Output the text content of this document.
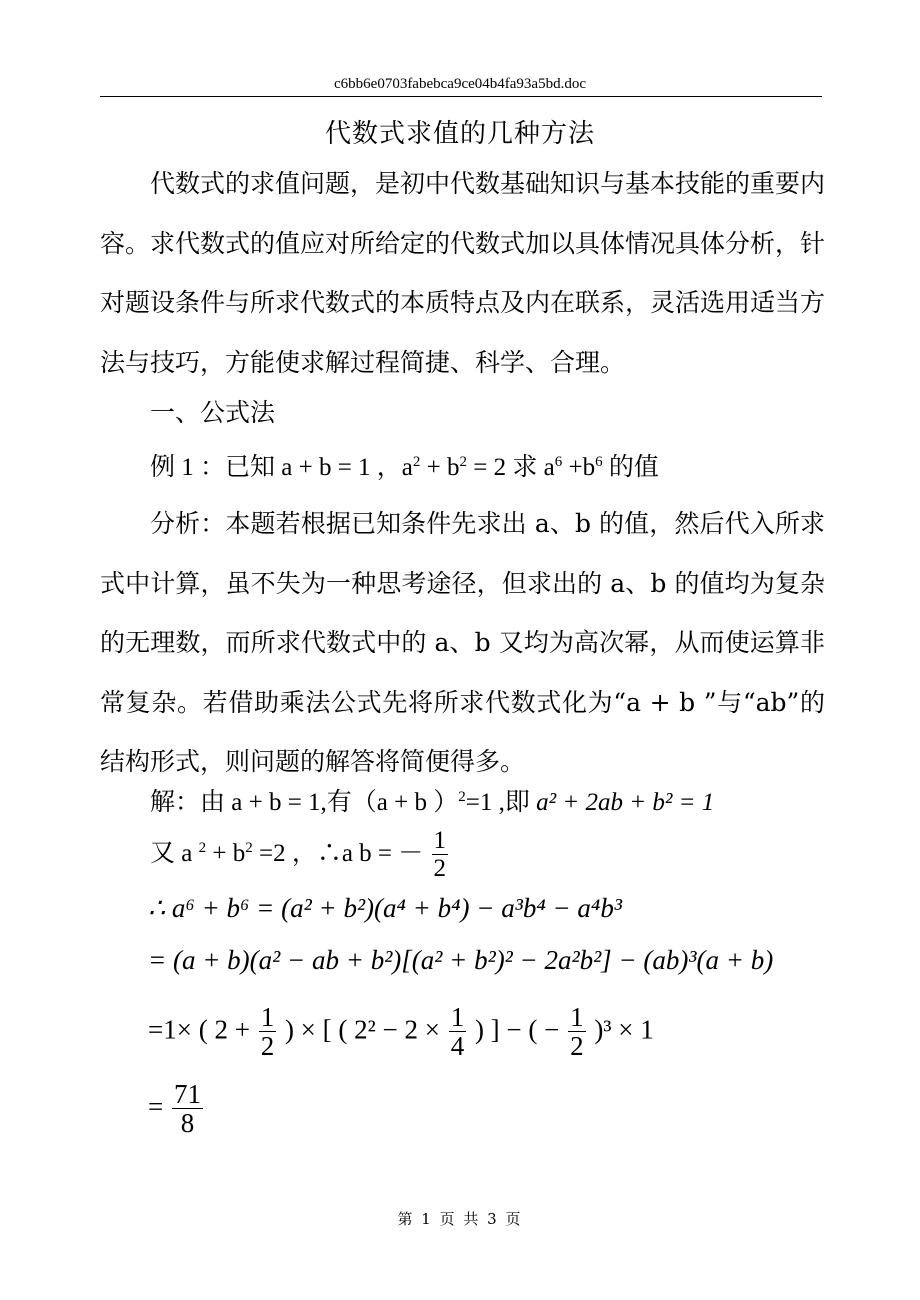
c6bb6e0703fabebca9ce04b4fa93a5bd.doc
代数式求值的几种方法

代数式的求值问题，是初中代数基础知识与基本技能的重要内容。求代数式的值应对所给定的代数式加以具体情况具体分析，针对题设条件与所求代数式的本质特点及内在联系，灵活选用适当方法与技巧，方能使求解过程简捷、科学、合理。

一、公式法
例 1 ：已知 a + b = 1 ，$a^2 + b^2 = 2$ 求 $a^6 +b^6$ 的值

分析：本题若根据已知条件先求出 a、b 的值，然后代入所求式中计算，虽不失为一种思考途径，但求出的 a、b 的值均为复杂的无理数，而所求代数式中的 a、b 又均为高次幂，从而使运算非常复杂。若借助乘法公式先将所求代数式化为“a + b ”与“ab”的结构形式，则问题的解答将简便得多。

解：由 a + b = 1,有（a + b ）$^2$=1 ,即 a² + 2ab + b² = 1
又 a $^2 + b^2 =2$ ，∴a b = － $\frac{1}{2}$
∴ a⁶ + b⁶ = (a² + b²)(a⁴ + b⁴) − a³b⁴ − a⁴b³
= (a + b)(a² − ab + b²)[(a² + b²)² − 2a²b²] − (ab)³(a + b)
=1× ( $2 + \frac{1}{2}$ ) × [ ( $2^2 - 2 \times \frac{1}{4}$ ) ] − ( − $\frac{1}{2} )^3 \times 1$
= $\frac{71}{8}$
第 1 页 共 3 页
